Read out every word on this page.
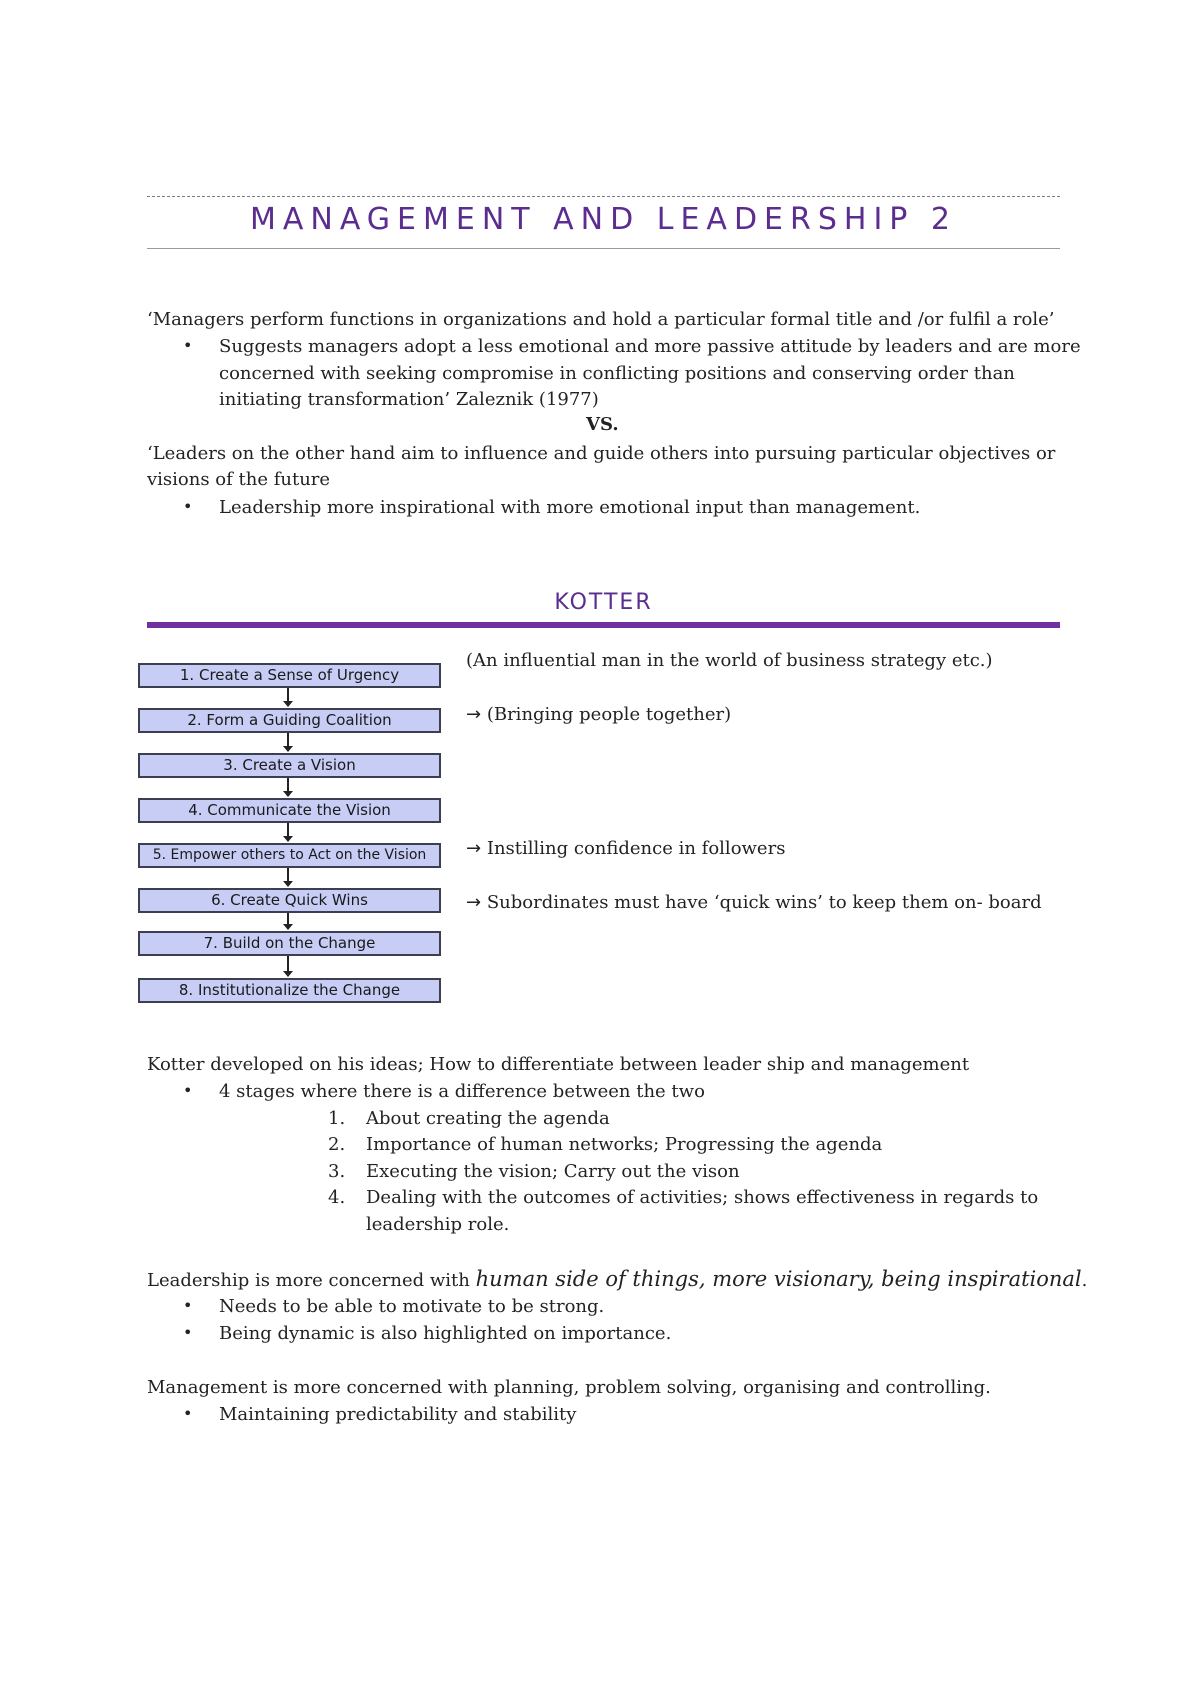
MANAGEMENT AND LEADERSHIP 2
‘Managers perform functions in organizations and hold a particular formal title and /or fulfil a role’
• Suggests managers adopt a less emotional and more passive attitude by leaders and are more
concerned with seeking compromise in conflicting positions and conserving order than
initiating transformation’ Zaleznik (1977)
VS.
‘Leaders on the other hand aim to influence and guide others into pursuing particular objectives or
visions of the future
• Leadership more inspirational with more emotional input than management.
KOTTER
1. Create a Sense of Urgency
2. Form a Guiding Coalition
3. Create a Vision
4. Communicate the Vision
5. Empower others to Act on the Vision
6. Create Quick Wins
7. Build on the Change
8. Institutionalize the Change
(An influential man in the world of business strategy etc.)
→ (Bringing people together)
→ Instilling confidence in followers
→ Subordinates must have ‘quick wins’ to keep them on- board
Kotter developed on his ideas; How to differentiate between leader ship and management
• 4 stages where there is a difference between the two
1. About creating the agenda
2. Importance of human networks; Progressing the agenda
3. Executing the vision; Carry out the vison
4. Dealing with the outcomes of activities; shows effectiveness in regards to
leadership role.
Leadership is more concerned with human side of things, more visionary, being inspirational.
• Needs to be able to motivate to be strong.
• Being dynamic is also highlighted on importance.
Management is more concerned with planning, problem solving, organising and controlling.
• Maintaining predictability and stability
